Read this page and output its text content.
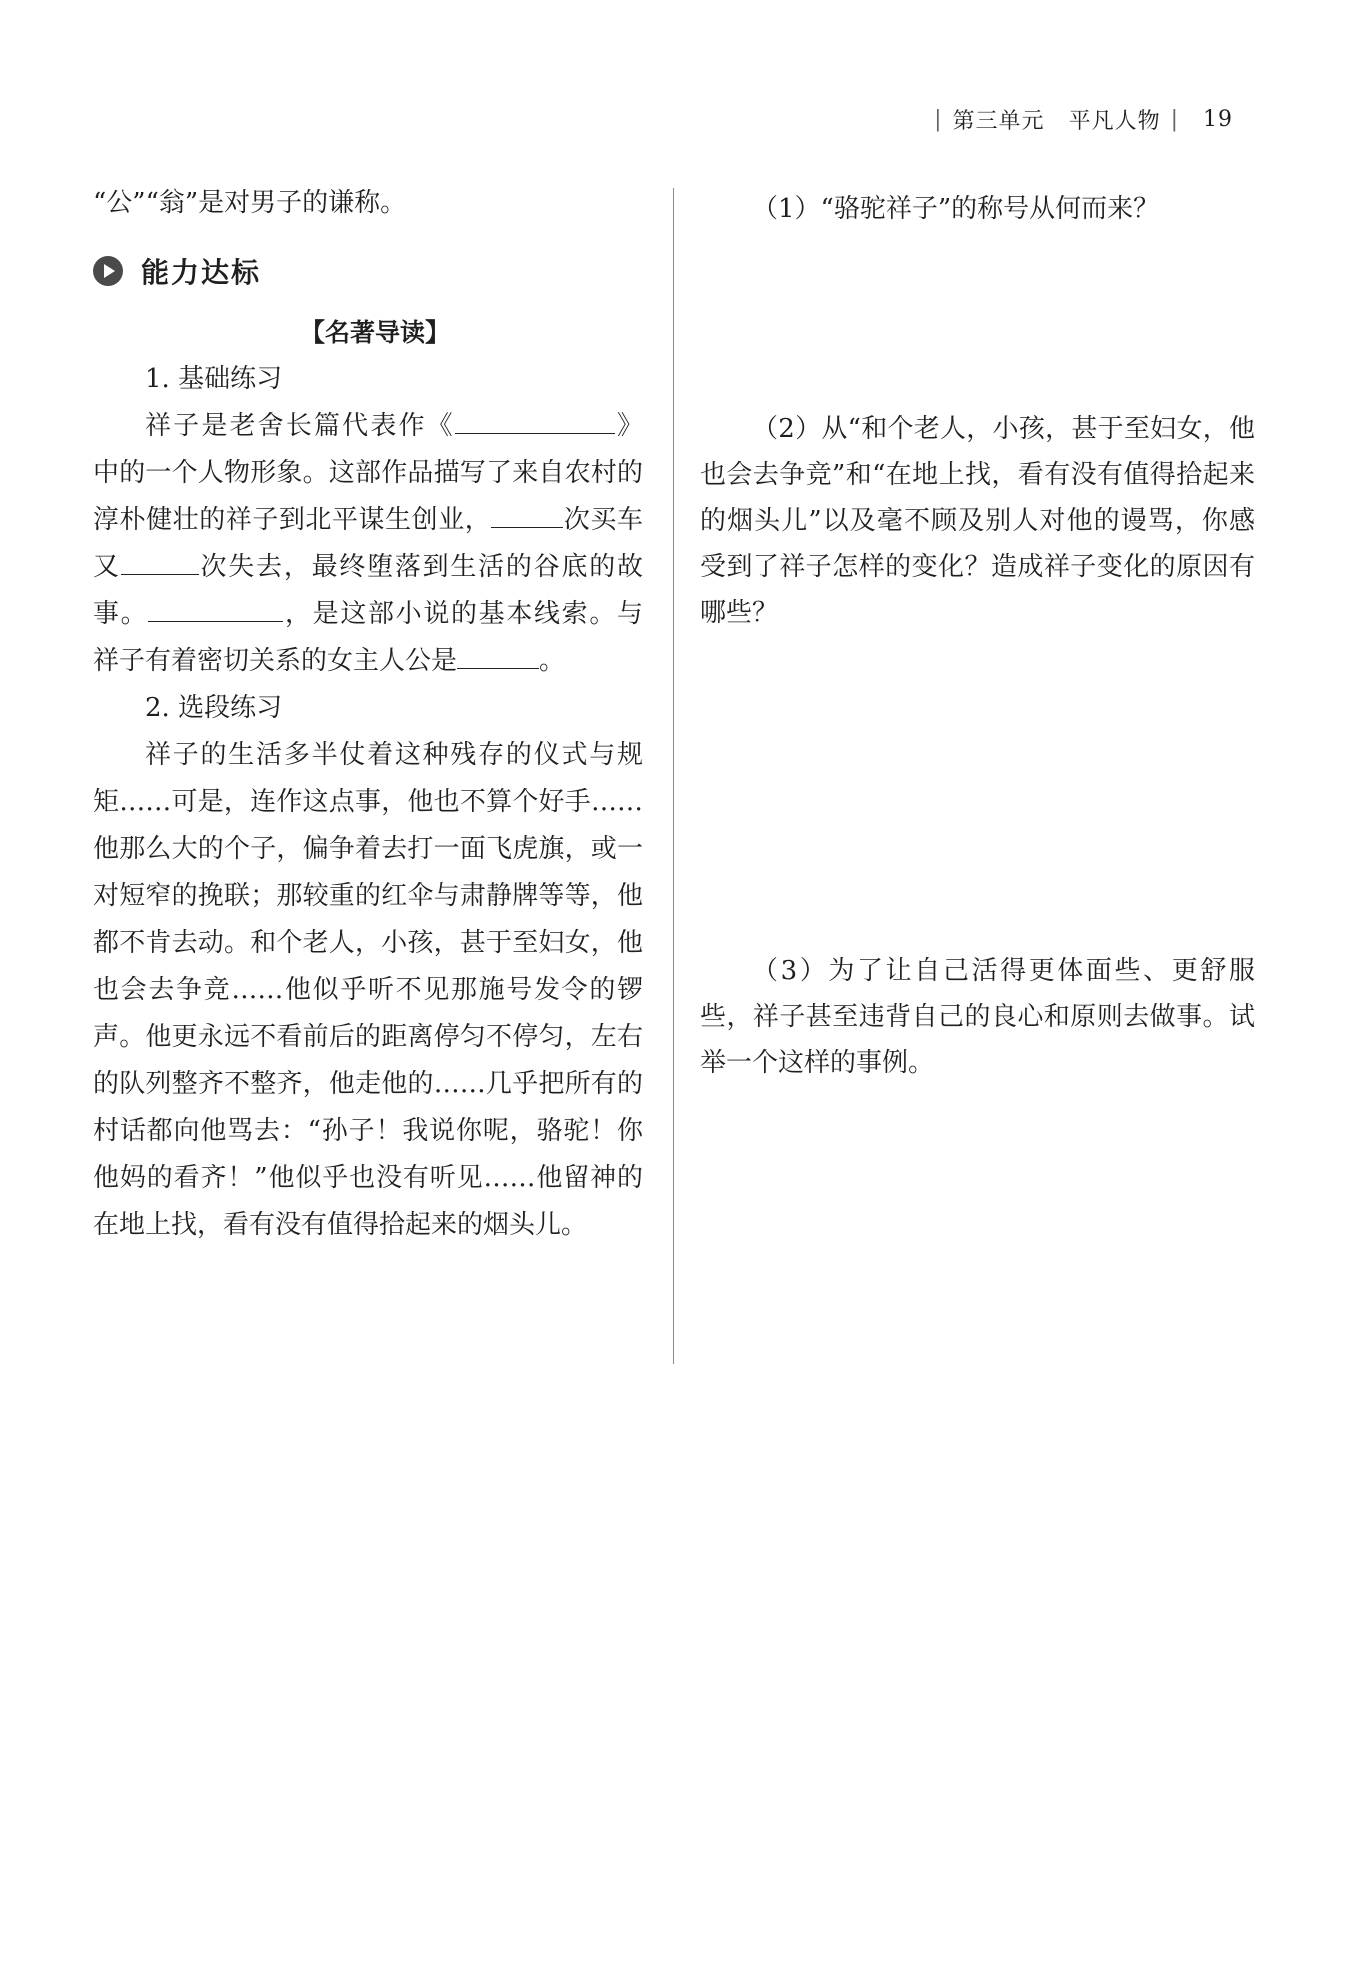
| 第三单元 平凡人物 | 19

“公”“翁”是对男子的谦称。

能力达标

【名著导读】

1. 基础练习

祥子是老舍长篇代表作《	》中的一个人物形象。这部作品描写了来自农村的淳朴健壮的祥子到北平谋生创业，	次买车又	次失去，最终堕落到生活的谷底的故事。	，是这部小说的基本线索。与祥子有着密切关系的女主人公是	。

2. 选段练习

祥子的生活多半仗着这种残存的仪式与规矩……可是，连作这点事，他也不算个好手……他那么大的个子，偏争着去打一面飞虎旗，或一对短窄的挽联；那较重的红伞与肃静牌等等，他都不肯去动。和个老人，小孩，甚于至妇女，他也会去争竞……他似乎听不见那施号发令的锣声。他更永远不看前后的距离停匀不停匀，左右的队列整齐不整齐，他走他的……几乎把所有的村话都向他骂去：“孙子！我说你呢，骆驼！你他妈的看齐！”他似乎也没有听见……他留神的在地上找，看有没有值得拾起来的烟头儿。

（1）“骆驼祥子”的称号从何而来？

（2）从“和个老人，小孩，甚于至妇女，他也会去争竞”和“在地上找，看有没有值得拾起来的烟头儿”以及毫不顾及别人对他的谩骂，你感受到了祥子怎样的变化？造成祥子变化的原因有哪些？

（3）为了让自己活得更体面些、更舒服些，祥子甚至违背自己的良心和原则去做事。试举一个这样的事例。
